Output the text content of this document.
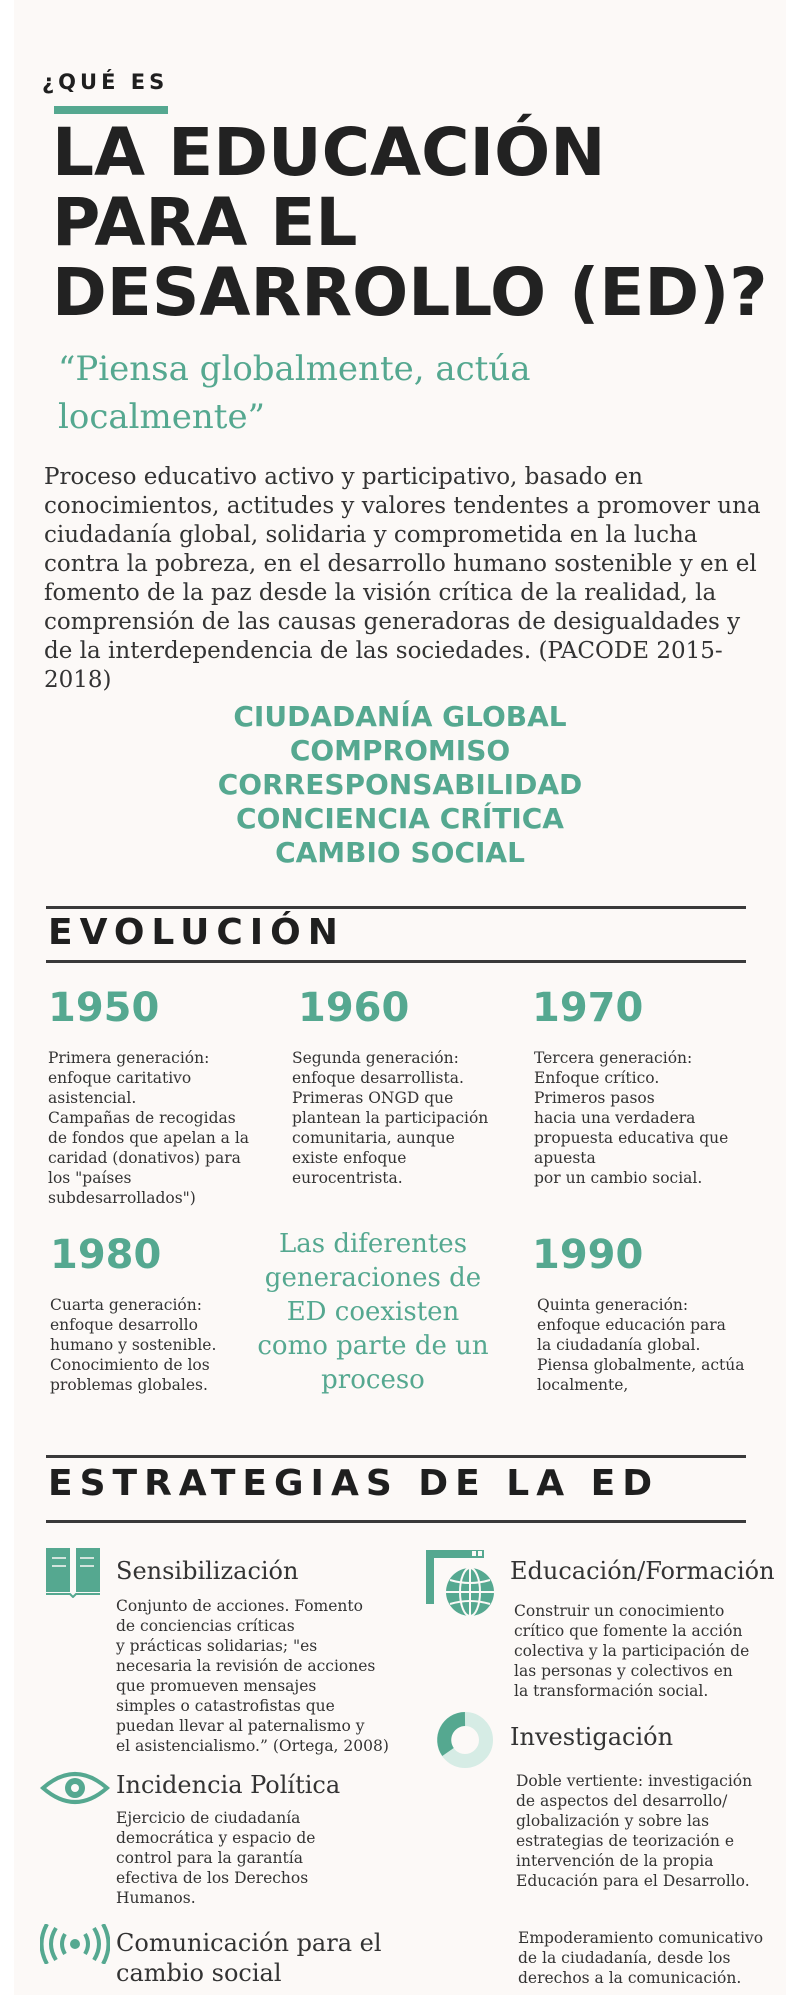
¿QUÉ ES
LA EDUCACIÓN
PARA EL
DESARROLLO (ED)?
“Piensa globalmente, actúa
localmente”
Proceso educativo activo y participativo, basado en conocimientos, actitudes y valores tendentes a promover una ciudadanía global, solidaria y comprometida en la lucha contra la pobreza, en el desarrollo humano sostenible y en el fomento de la paz desde la visión crítica de la realidad, la comprensión de las causas generadoras de desigualdades y de la interdependencia de las sociedades. (PACODE 2015-2018)
CIUDADANÍA GLOBAL
COMPROMISO
CORRESPONSABILIDAD
CONCIENCIA CRÍTICA
CAMBIO SOCIAL
EVOLUCIÓN
1950
Primera generación:
enfoque caritativo
asistencial.
Campañas de recogidas
de fondos que apelan a la
caridad (donativos) para
los "países
subdesarrollados")
1960
Segunda generación:
enfoque desarrollista.
Primeras ONGD que
plantean la participación
comunitaria, aunque
existe enfoque
eurocentrista.
1970
Tercera generación:
Enfoque crítico.
Primeros pasos
hacia una verdadera
propuesta educativa que
apuesta
por un cambio social.
1980
Cuarta generación:
enfoque desarrollo
humano y sostenible.
Conocimiento de los
problemas globales.
Las diferentes generaciones de ED coexisten como parte de un proceso
1990
Quinta generación:
enfoque educación para
la ciudadanía global.
Piensa globalmente, actúa
localmente,
ESTRATEGIAS DE LA ED
Sensibilización
Conjunto de acciones. Fomento
de conciencias críticas
y prácticas solidarias; "es
necesaria la revisión de acciones
que promueven mensajes
simples o catastrofistas que
puedan llevar al paternalismo y
el asistencialismo.” (Ortega, 2008)
Educación/Formación
Construir un conocimiento
crítico que fomente la acción
colectiva y la participación de
las personas y colectivos en
la transformación social.
Investigación
Doble vertiente: investigación
de aspectos del desarrollo/
globalización y sobre las
estrategias de teorización e
intervención de la propia
Educación para el Desarrollo.
Incidencia Política
Ejercicio de ciudadanía
democrática y espacio de
control para la garantía
efectiva de los Derechos
Humanos.
Comunicación para el
cambio social
Empoderamiento comunicativo
de la ciudadanía, desde los
derechos a la comunicación.
